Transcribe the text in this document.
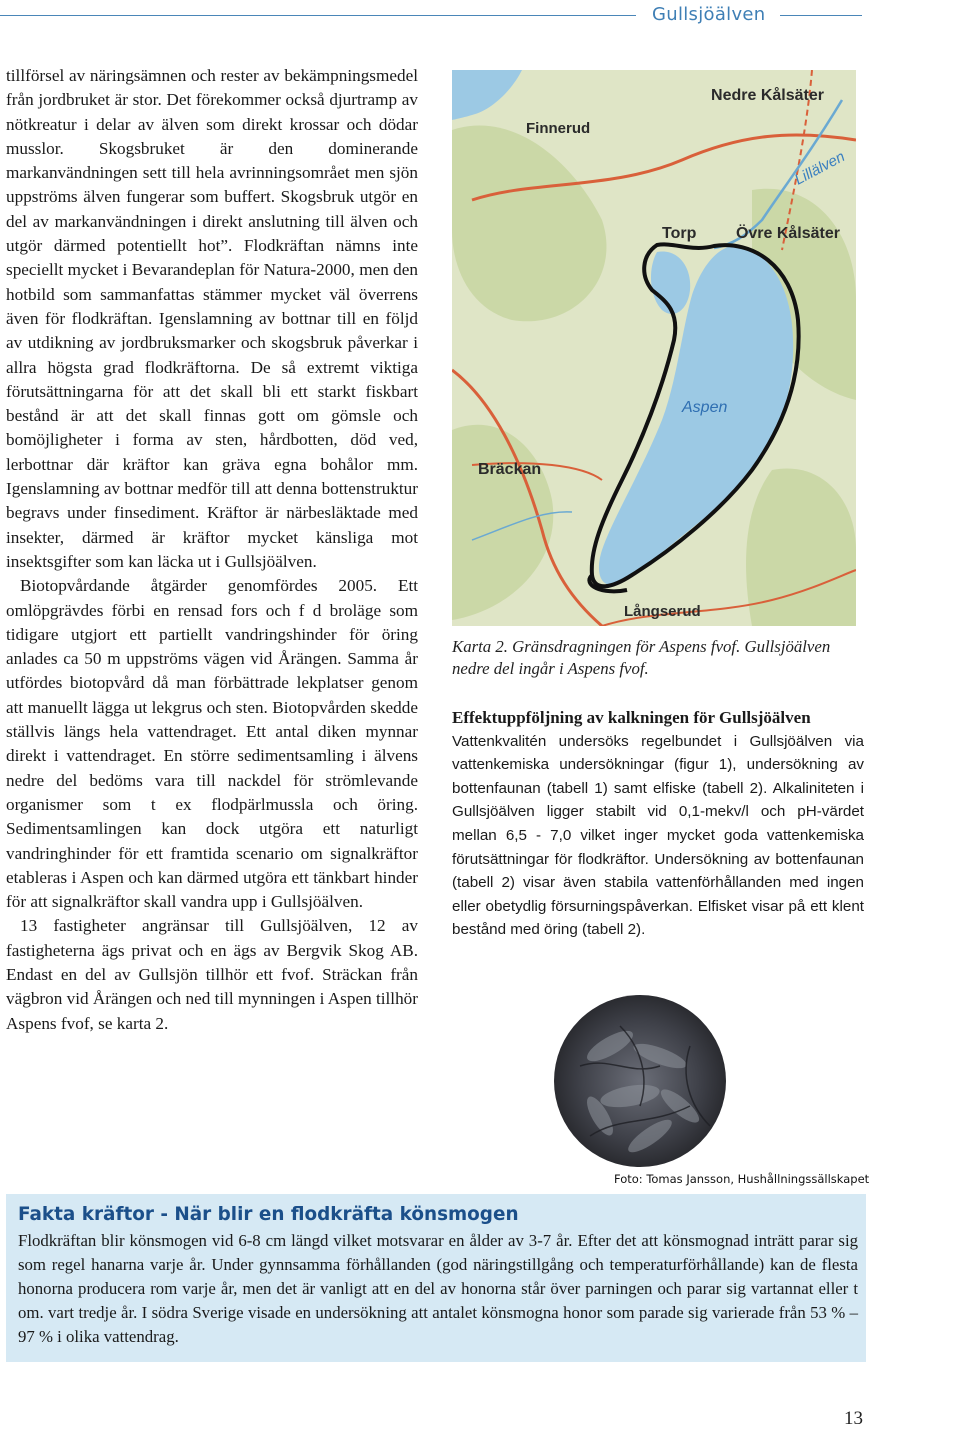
Gullsjöälven

tillförsel av näringsämnen och rester av bekämpningsmedel från jordbruket är stor. Det förekommer också djurtramp av nötkreatur i delar av älven som direkt krossar och dödar musslor. Skogsbruket är den dominerande markanvändningen sett till hela avrinningsområet men sjön uppströms älven fungerar som buffert. Skogsbruk utgör en del av markanvändningen i direkt anslutning till älven och utgör därmed potentiellt hot”. Flodkräftan nämns inte speciellt mycket i Bevarandeplan för Natura-2000, men den hotbild som sammanfattas stämmer mycket väl överrens även för flodkräftan. Igenslamning av bottnar till en följd av utdikning av jordbruksmarker och skogsbruk påverkar i allra högsta grad flodkräftorna. De så extremt viktiga förutsättningarna för att det skall bli ett starkt fiskbart bestånd är att det skall finnas gott om gömsle och bomöjligheter i forma av sten, hårdbotten, död ved, lerbottnar där kräftor kan gräva egna bohålor mm. Igenslamning av bottnar medför till att denna bottenstruktur begravs under finsediment. Kräftor är närbesläktade med insekter, därmed är kräftor mycket känsliga mot insektsgifter som kan läcka ut i Gullsjöälven.

Biotopvårdande åtgärder genomfördes 2005. Ett omlöpgrävdes förbi en rensad fors och f d broläge som tidigare utgjort ett partiellt vandringshinder för öring anlades ca 50 m uppströms vägen vid Årängen. Samma år utfördes biotopvård då man förbättrade lekplatser genom att manuellt lägga ut lekgrus och sten. Biotopvården skedde ställvis längs hela vattendraget. Ett antal diken mynnar direkt i vattendraget. En större sedimentsamling i älvens nedre del bedöms vara till nackdel för strömlevande organismer som t ex flodpärlmussla och öring. Sedimentsamlingen kan dock utgöra ett naturligt vandringhinder för ett framtida scenario om signalkräftor etableras i Aspen och kan därmed utgöra ett tänkbart hinder för att signalkräftor skall vandra upp i Gullsjöälven.

13 fastigheter angränsar till Gullsjöälven, 12 av fastigheterna ägs privat och en ägs av Bergvik Skog AB. Endast en del av Gullsjön tillhör ett fvof. Sträckan från vägbron vid Årängen och ned till mynningen i Aspen tillhör Aspens fvof, se karta 2.

Nedre Kålsäter
Finnerud
Lillälven
Torp Övre Kålsäter
Aspen
Bräckan
Långserud
Karta 2. Gränsdragningen för Aspens fvof. Gullsjöälven nedre del ingår i Aspens fvof.

Effektuppföljning av kalkningen för Gullsjöälven

Vattenkvalitén undersöks regelbundet i Gullsjöälven via vattenkemiska undersökningar (figur 1), undersökning av bottenfaunan (tabell 1) samt elfiske (tabell 2). Alkaliniteten i Gullsjöälven ligger stabilt vid 0,1-mekv/l och pH-värdet mellan 6,5 - 7,0 vilket inger mycket goda vattenkemiska förutsättningar för flodkräftor. Undersökning av bottenfaunan (tabell 2) visar även stabila vattenförhållanden med ingen eller obetydlig försurningspåverkan. Elfisket visar på ett klent bestånd med öring (tabell 2).

Foto: Tomas Jansson, Hushållningssällskapet

Fakta kräftor - När blir en flodkräfta könsmogen

Flodkräftan blir könsmogen vid 6-8 cm längd vilket motsvarar en ålder av 3-7 år. Efter det att könsmognad inträtt parar sig som regel hanarna varje år. Under gynnsamma förhållanden (god näringstillgång och temperaturförhållande) kan de flesta honorna producera rom varje år, men det är vanligt att en del av honorna står över parningen och parar sig vartannat eller t om. vart tredje år. I södra Sverige visade en undersökning att antalet könsmogna honor som parade sig varierade från 53 % – 97 % i olika vattendrag.

13
